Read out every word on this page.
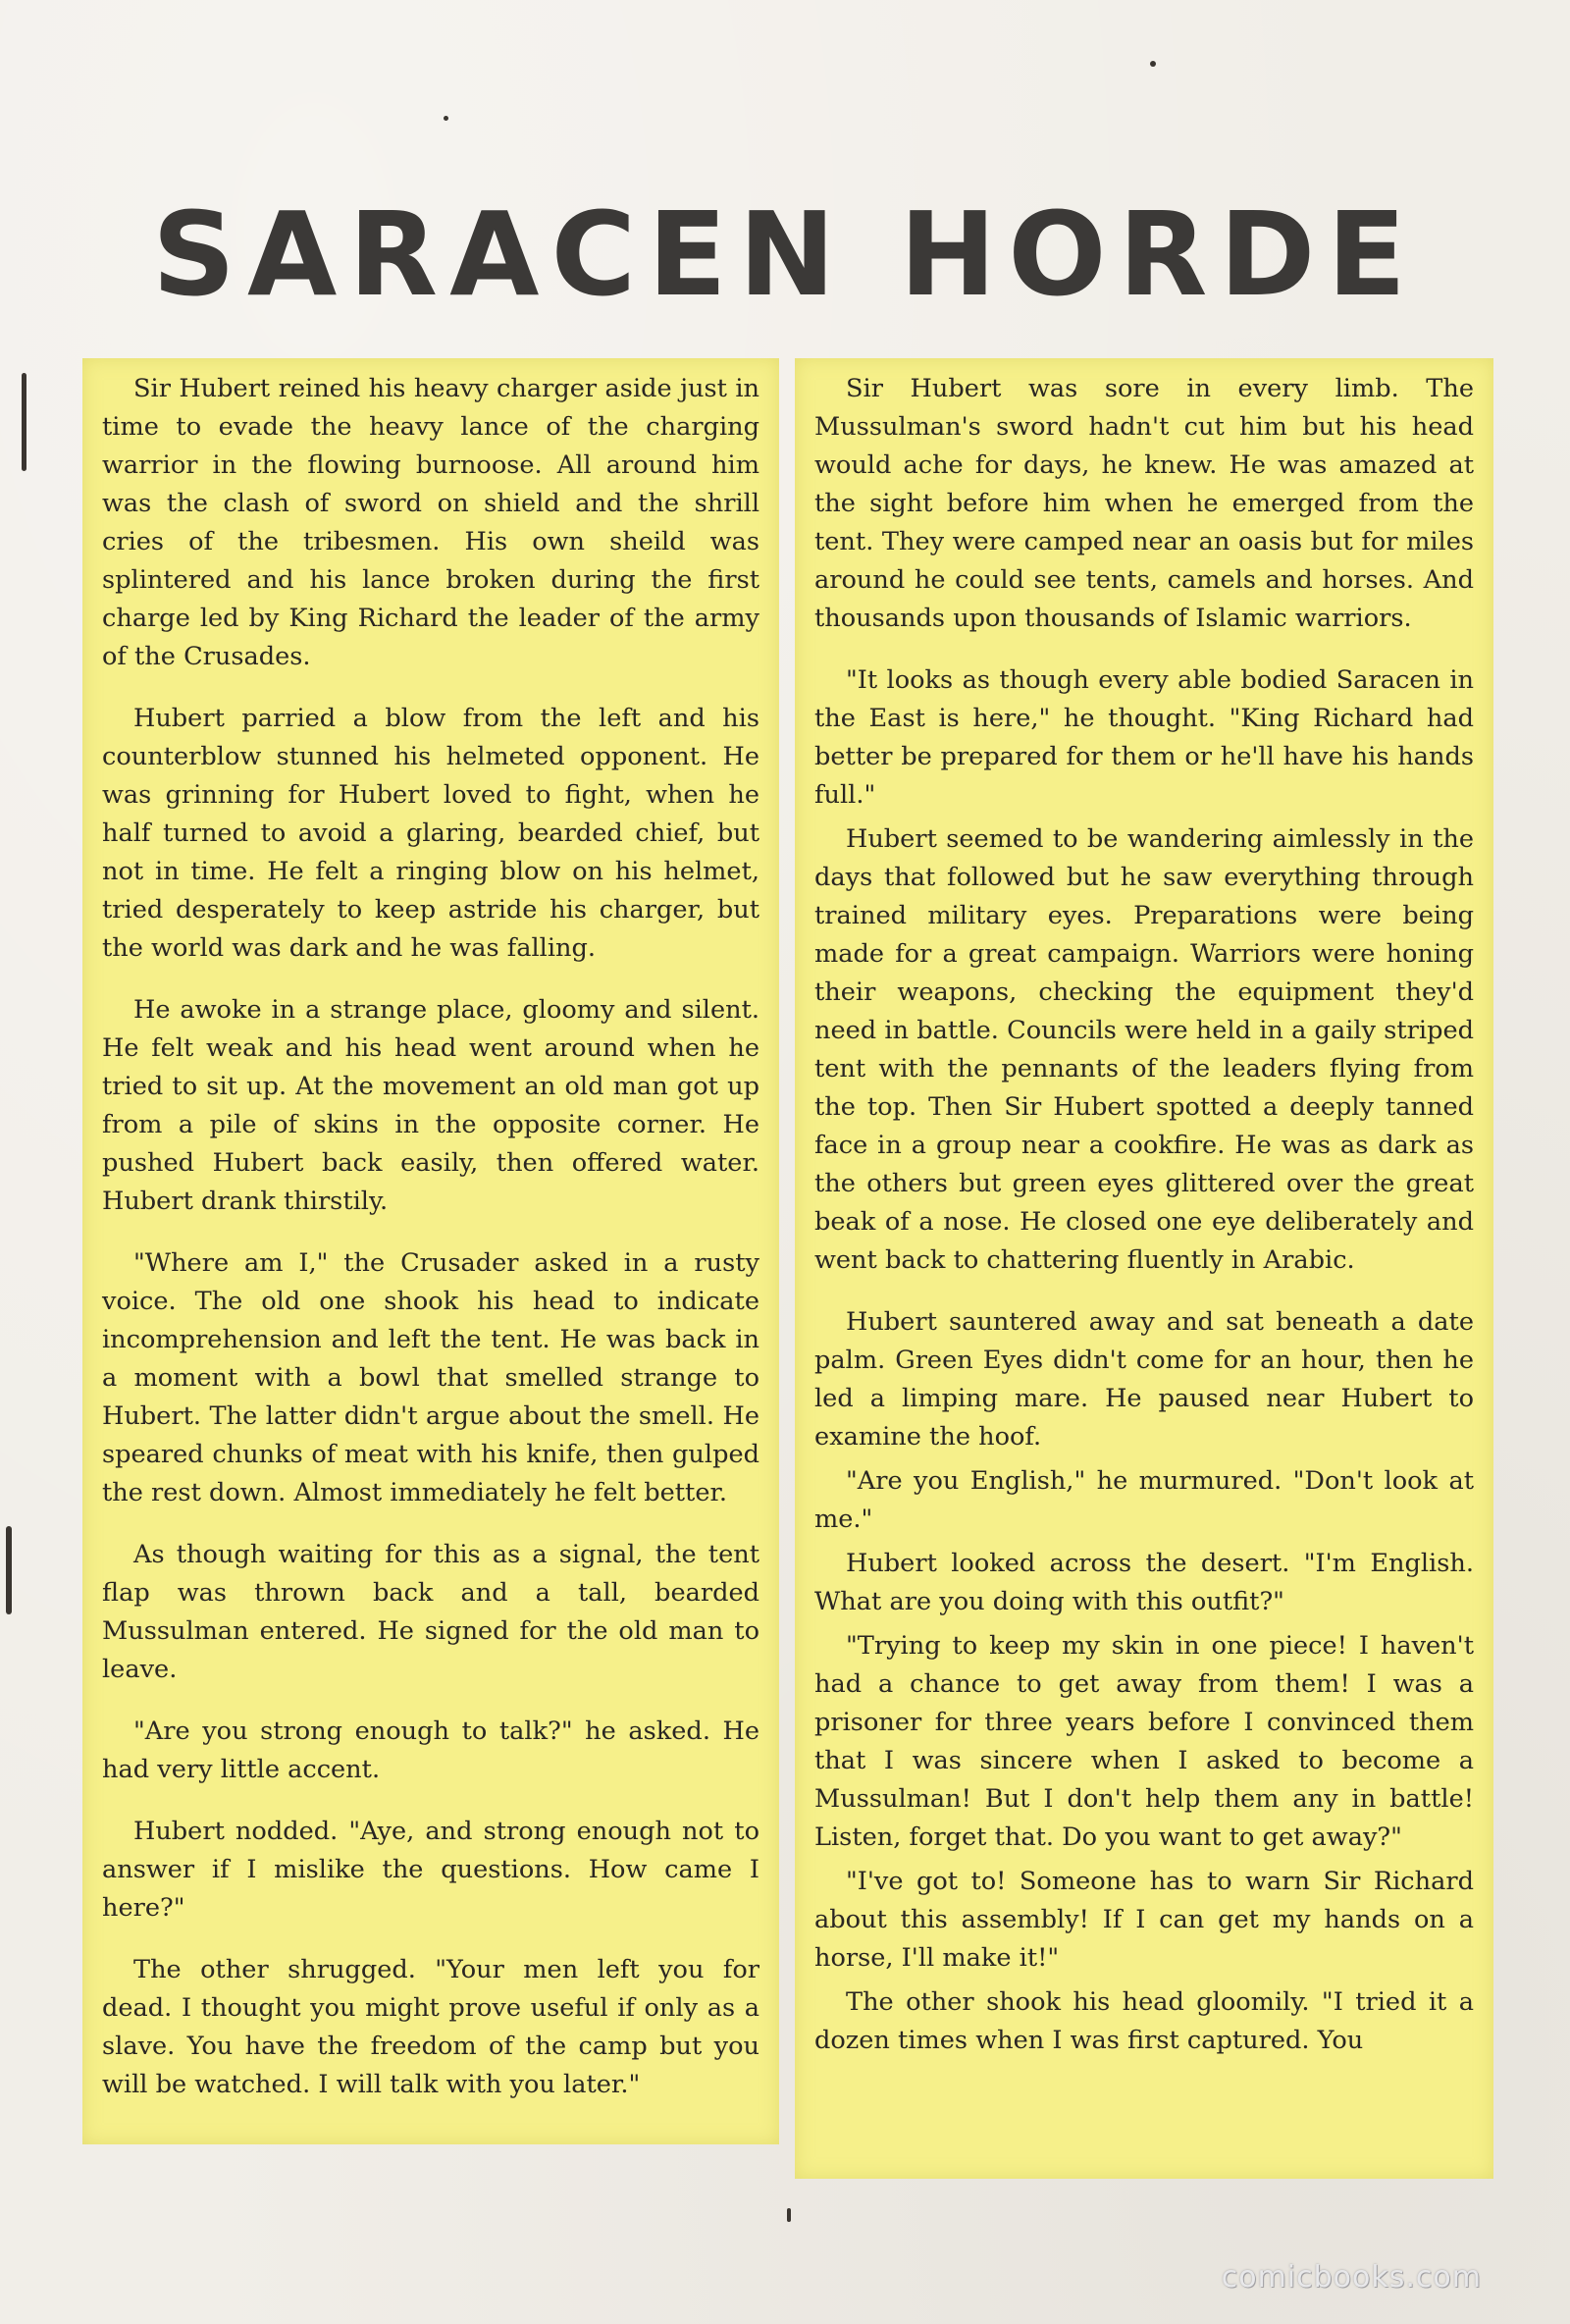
SARACEN HORDE

Sir Hubert reined his heavy charger aside just in time to evade the heavy lance of the charging warrior in the flowing burnoose. All around him was the clash of sword on shield and the shrill cries of the tribesmen. His own sheild was splintered and his lance broken during the first charge led by King Richard the leader of the army of the Crusades.

Hubert parried a blow from the left and his counterblow stunned his helmeted opponent. He was grinning for Hubert loved to fight, when he half turned to avoid a glaring, bearded chief, but not in time. He felt a ringing blow on his helmet, tried desperately to keep astride his charger, but the world was dark and he was falling.

He awoke in a strange place, gloomy and silent. He felt weak and his head went around when he tried to sit up. At the movement an old man got up from a pile of skins in the opposite corner. He pushed Hubert back easily, then offered water. Hubert drank thirstily.

"Where am I," the Crusader asked in a rusty voice. The old one shook his head to indicate incomprehension and left the tent. He was back in a moment with a bowl that smelled strange to Hubert. The latter didn't argue about the smell. He speared chunks of meat with his knife, then gulped the rest down. Almost immediately he felt better.

As though waiting for this as a signal, the tent flap was thrown back and a tall, bearded Mussulman entered. He signed for the old man to leave.

"Are you strong enough to talk?" he asked. He had very little accent.

Hubert nodded. "Aye, and strong enough not to answer if I mislike the questions. How came I here?"

The other shrugged. "Your men left you for dead. I thought you might prove useful if only as a slave. You have the freedom of the camp but you will be watched. I will talk with you later."

Sir Hubert was sore in every limb. The Mussulman's sword hadn't cut him but his head would ache for days, he knew. He was amazed at the sight before him when he emerged from the tent. They were camped near an oasis but for miles around he could see tents, camels and horses. And thousands upon thousands of Islamic warriors.

"It looks as though every able bodied Saracen in the East is here," he thought. "King Richard had better be prepared for them or he'll have his hands full."

Hubert seemed to be wandering aimlessly in the days that followed but he saw everything through trained military eyes. Preparations were being made for a great campaign. Warriors were honing their weapons, checking the equipment they'd need in battle. Councils were held in a gaily striped tent with the pennants of the leaders flying from the top. Then Sir Hubert spotted a deeply tanned face in a group near a cookfire. He was as dark as the others but green eyes glittered over the great beak of a nose. He closed one eye deliberately and went back to chattering fluently in Arabic.

Hubert sauntered away and sat beneath a date palm. Green Eyes didn't come for an hour, then he led a limping mare. He paused near Hubert to examine the hoof.

"Are you English," he murmured. "Don't look at me."

Hubert looked across the desert. "I'm English. What are you doing with this outfit?"

"Trying to keep my skin in one piece! I haven't had a chance to get away from them! I was a prisoner for three years before I convinced them that I was sincere when I asked to become a Mussulman! But I don't help them any in battle! Listen, forget that. Do you want to get away?"

"I've got to! Someone has to warn Sir Richard about this assembly! If I can get my hands on a horse, I'll make it!"

The other shook his head gloomily. "I tried it a dozen times when I was first captured. You

comicbooks.com
